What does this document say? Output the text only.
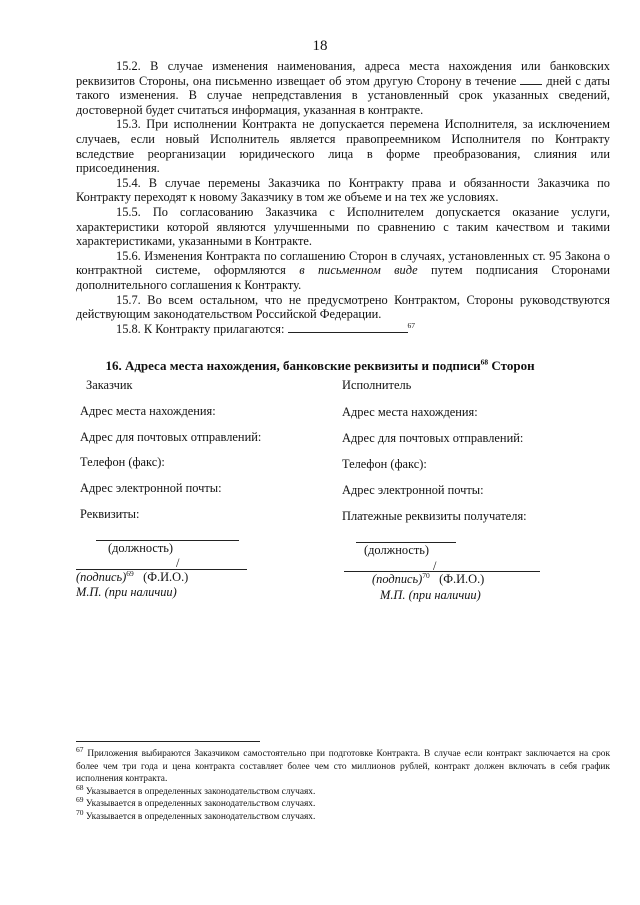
18

15.2. В случае изменения наименования, адреса места нахождения или банковских реквизитов Стороны, она письменно извещает об этом другую Сторону в течение дней с даты такого изменения. В случае непредставления в установленный срок указанных сведений, достоверной будет считаться информация, указанная в контракте.

15.3. При исполнении Контракта не допускается перемена Исполнителя, за исключением случаев, если новый Исполнитель является правопреемником Исполнителя по Контракту вследствие реорганизации юридического лица в форме преобразования, слияния или присоединения.

15.4. В случае перемены Заказчика по Контракту права и обязанности Заказчика по Контракту переходят к новому Заказчику в том же объеме и на тех же условиях.

15.5. По согласованию Заказчика с Исполнителем допускается оказание услуги, характеристики которой являются улучшенными по сравнению с таким качеством и такими характеристиками, указанными в Контракте.

15.6. Изменения Контракта по соглашению Сторон в случаях, установленных ст. 95 Закона о контрактной системе, оформляются в письменном виде путем подписания Сторонами дополнительного соглашения к Контракту.

15.7. Во всем остальном, что не предусмотрено Контрактом, Стороны руководствуются действующим законодательством Российской Федерации.

15.8. К Контракту прилагаются:	$^{67}$

16. Адреса места нахождения, банковские реквизиты и подписи$^{68}$ Сторон
Заказчик
Адрес места нахождения:
Адрес для почтовых отправлений:
Телефон (факс):
Адрес электронной почты:
Реквизиты:
(должность)
/
(подпись)$^{69}$ (Ф.И.О.)
М.П. (при наличии)
Исполнитель
Адрес места нахождения:
Адрес для почтовых отправлений:
Телефон (факс):
Адрес электронной почты:
Платежные реквизиты получателя:
(должность)
/
(подпись)$^{70}$ (Ф.И.О.)
М.П. (при наличии)

$^{67}$ Приложения выбираются Заказчиком самостоятельно при подготовке Контракта. В случае если контракт заключается на срок более чем три года и цена контракта составляет более чем сто миллионов рублей, контракт должен включать в себя график исполнения контракта.

$^{68}$ Указывается в определенных законодательством случаях.

$^{69}$ Указывается в определенных законодательством случаях.

$^{70}$ Указывается в определенных законодательством случаях.
